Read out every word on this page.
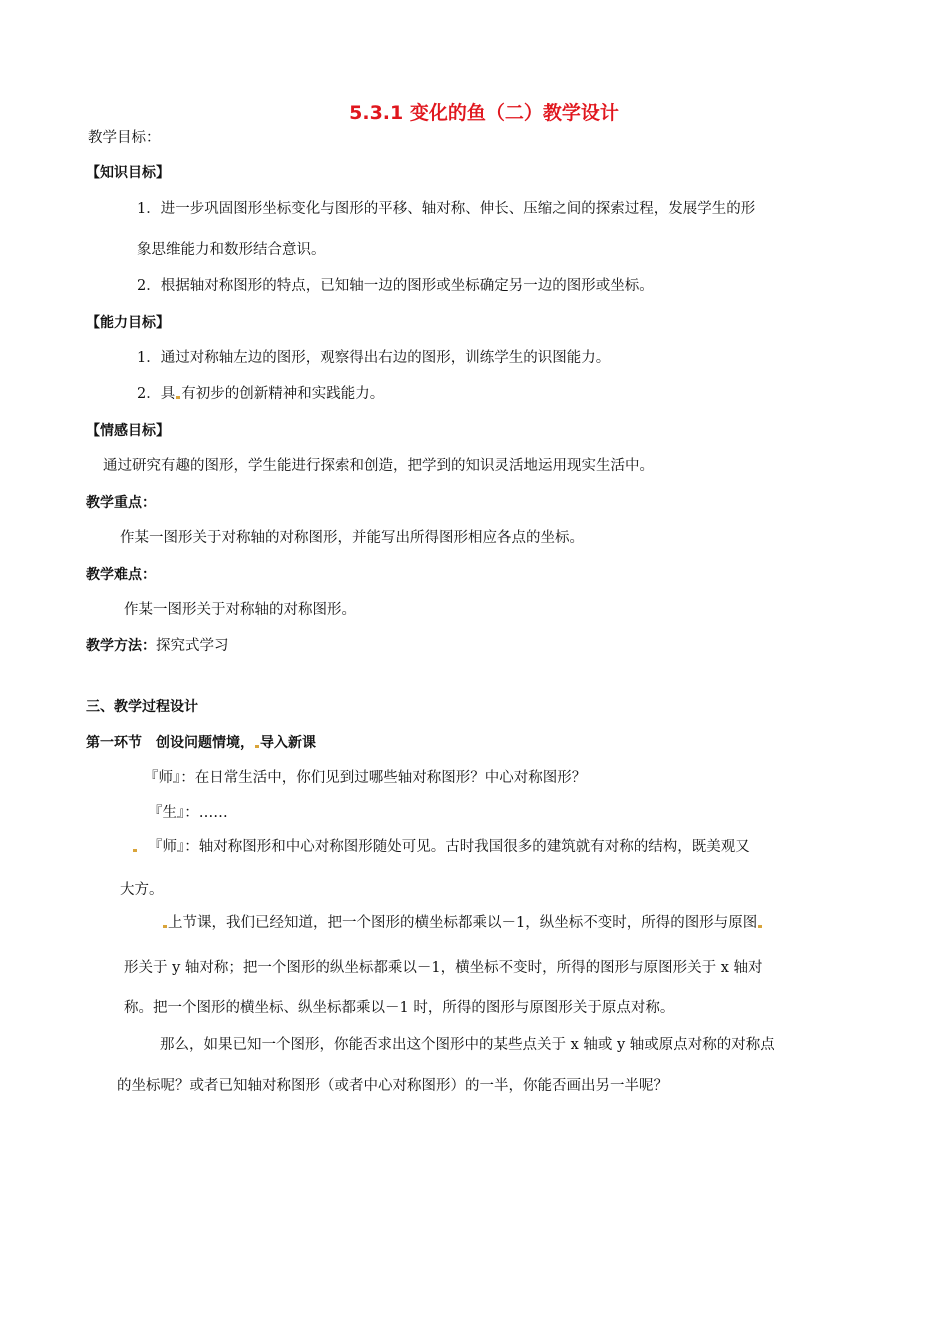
5.3.1 变化的鱼（二）教学设计
教学目标：
【知识目标】
1．进一步巩固图形坐标变化与图形的平移、轴对称、伸长、压缩之间的探索过程，发展学生的形
象思维能力和数形结合意识。
2．根据轴对称图形的特点，已知轴一边的图形或坐标确定另一边的图形或坐标。
【能力目标】
1．通过对称轴左边的图形，观察得出右边的图形，训练学生的识图能力。
2．具 有初步的创新精神和实践能力。
【情感目标】
通过研究有趣的图形，学生能进行探索和创造，把学到的知识灵活地运用现实生活中。
教学重点：
作某一图形关于对称轴的对称图形，并能写出所得图形相应各点的坐标。
教学难点：
作某一图形关于对称轴的对称图形。
教学方法：探究式学习
三、教学过程设计
第一环节　创设问题情境， 导入新课
『师』：在日常生活中，你们见到过哪些轴对称图形？中心对称图形？
『生』：……
『师』：轴对称图形和中心对称图形随处可见。古时我国很多的建筑就有对称的结构，既美观又
大方。
上节课，我们已经知道，把一个图形的横坐标都乘以－1，纵坐标不变时，所得的图形与原图
形关于 y 轴对称；把一个图形的纵坐标都乘以－1，横坐标不变时，所得的图形与原图形关于 x 轴对
称。把一个图形的横坐标、纵坐标都乘以－1 时，所得的图形与原图形关于原点对称。
那么，如果已知一个图形，你能否求出这个图形中的某些点关于 x 轴或 y 轴或原点对称的对称点
的坐标呢？或者已知轴对称图形（或者中心对称图形）的一半，你能否画出另一半呢？
